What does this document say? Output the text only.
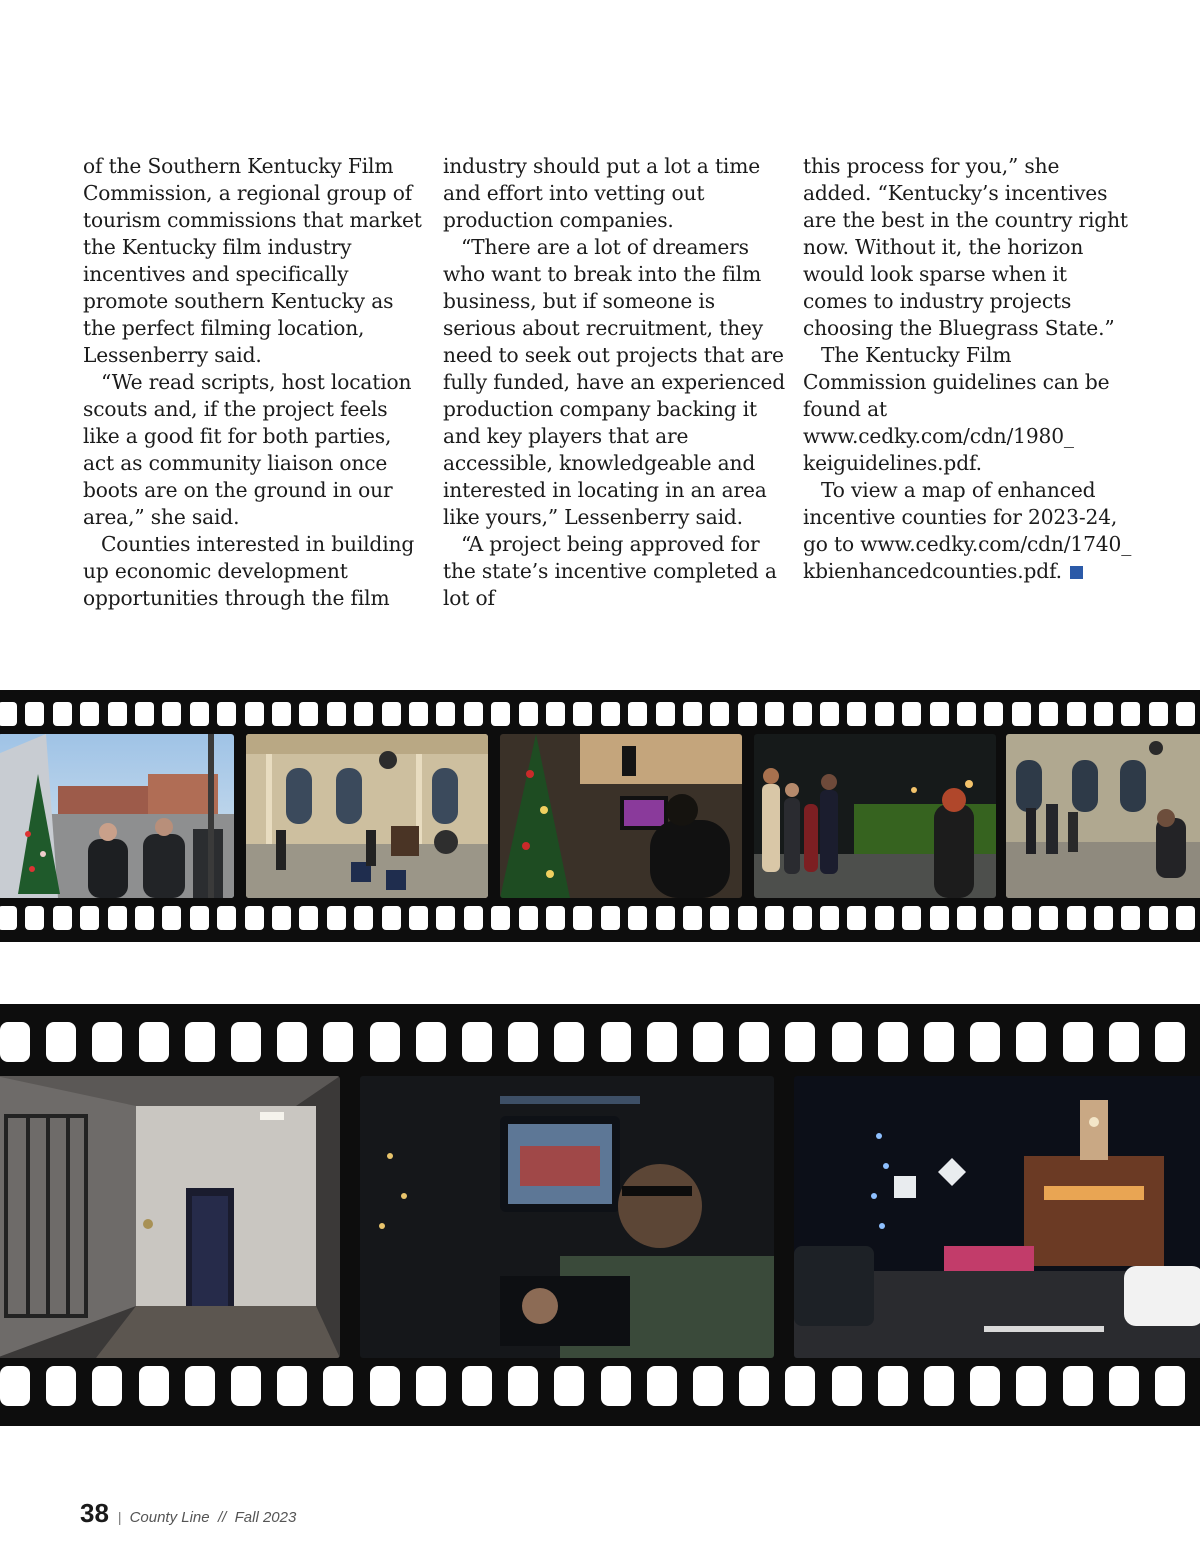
of the Southern Kentucky Film Commission, a regional group of tourism commissions that market the Kentucky film industry incentives and specifically promote southern Kentucky as the perfect filming location, Lessenberry said.

“We read scripts, host location scouts and, if the project feels like a good fit for both parties, act as community liaison once boots are on the ground in our area,” she said.

Counties interested in building up economic development opportunities through the film

industry should put a lot a time and effort into vetting out production companies.

“There are a lot of dreamers who want to break into the film business, but if someone is serious about recruitment, they need to seek out projects that are fully funded, have an experienced production company backing it and key players that are accessible, knowledgeable and interested in locating in an area like yours,” Lessenberry said.

“A project being approved for the state’s incentive completed a lot of

this process for you,” she added. “Kentucky’s incentives are the best in the country right now. Without it, the horizon would look sparse when it comes to industry projects choosing the Bluegrass State.”

The Kentucky Film Commission guidelines can be found at www.cedky.com/cdn/1980_ keiguidelines.pdf.

To view a map of enhanced incentive counties for 2023-24, go to www.cedky.com/cdn/1740_ kbienhancedcounties.pdf.

38 | County Line  //  Fall 2023
